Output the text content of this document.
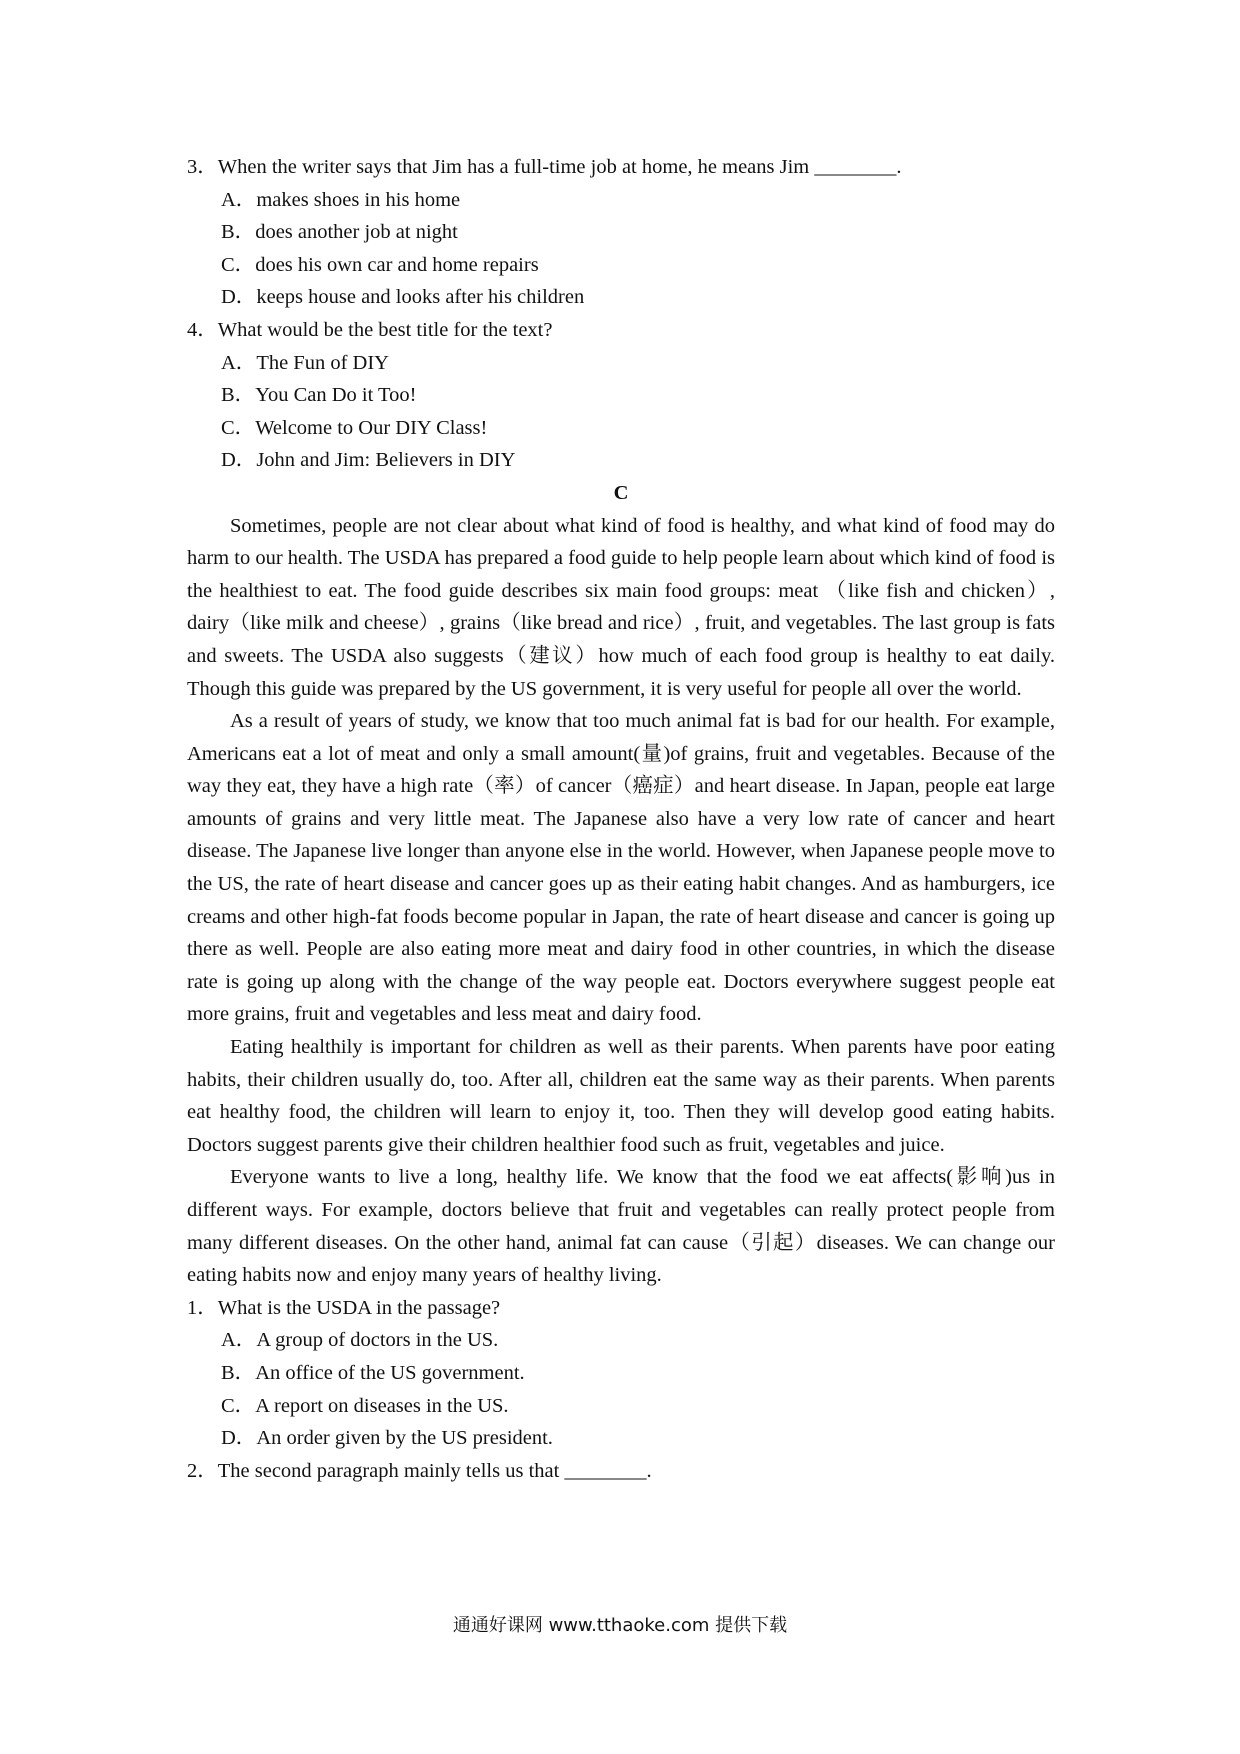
3．When the writer says that Jim has a full-time job at home, he means Jim ________.

A．makes shoes in his home

B．does another job at night

C．does his own car and home repairs

D．keeps house and looks after his children

4．What would be the best title for the text?

A．The Fun of DIY

B．You Can Do it Too!

C．Welcome to Our DIY Class!

D．John and Jim: Believers in DIY

C

Sometimes, people are not clear about what kind of food is healthy, and what kind of food may do harm to our health. The USDA has prepared a food guide to help people learn about which kind of food is the healthiest to eat. The food guide describes six main food groups: meat （like fish and chicken）, dairy（like milk and cheese）, grains（like bread and rice）, fruit, and vegetables. The last group is fats and sweets. The USDA also suggests（建议）how much of each food group is healthy to eat daily. Though this guide was prepared by the US government, it is very useful for people all over the world.

As a result of years of study, we know that too much animal fat is bad for our health. For example, Americans eat a lot of meat and only a small amount(量)of grains, fruit and vegetables. Because of the way they eat, they have a high rate（率）of cancer（癌症）and heart disease. In Japan, people eat large amounts of grains and very little meat. The Japanese also have a very low rate of cancer and heart disease. The Japanese live longer than anyone else in the world. However, when Japanese people move to the US, the rate of heart disease and cancer goes up as their eating habit changes. And as hamburgers, ice creams and other high-fat foods become popular in Japan, the rate of heart disease and cancer is going up there as well. People are also eating more meat and dairy food in other countries, in which the disease rate is going up along with the change of the way people eat. Doctors everywhere suggest people eat more grains, fruit and vegetables and less meat and dairy food.

Eating healthily is important for children as well as their parents. When parents have poor eating habits, their children usually do, too. After all, children eat the same way as their parents. When parents eat healthy food, the children will learn to enjoy it, too. Then they will develop good eating habits. Doctors suggest parents give their children healthier food such as fruit, vegetables and juice.

Everyone wants to live a long, healthy life. We know that the food we eat affects(影响)us in different ways. For example, doctors believe that fruit and vegetables can really protect people from many different diseases. On the other hand, animal fat can cause（引起）diseases. We can change our eating habits now and enjoy many years of healthy living.

1．What is the USDA in the passage?

A．A group of doctors in the US.

B．An office of the US government.

C．A report on diseases in the US.

D．An order given by the US president.

2．The second paragraph mainly tells us that ________.

通通好课网 www.tthaoke.com 提供下载
